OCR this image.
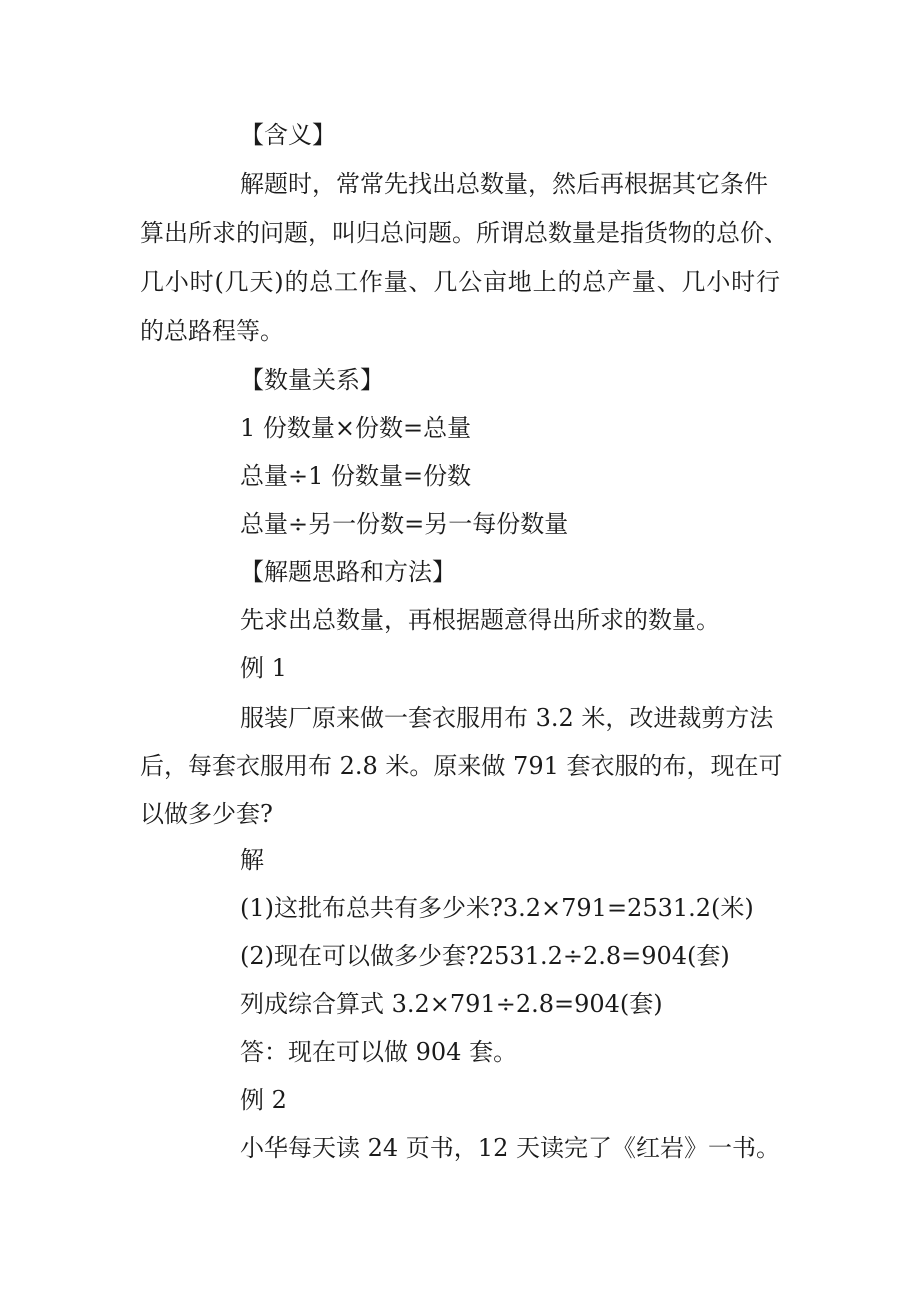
【含义】
解题时，常常先找出总数量，然后再根据其它条件
算出所求的问题，叫归总问题。所谓总数量是指货物的总价、
几小时(几天)的总工作量、几公亩地上的总产量、几小时行
的总路程等。
【数量关系】
1 份数量×份数=总量
总量÷1 份数量=份数
总量÷另一份数=另一每份数量
【解题思路和方法】
先求出总数量，再根据题意得出所求的数量。
例 1
服装厂原来做一套衣服用布 3.2 米，改进裁剪方法
后，每套衣服用布 2.8 米。原来做 791 套衣服的布，现在可
以做多少套?
解
(1)这批布总共有多少米?3.2×791=2531.2(米)
(2)现在可以做多少套?2531.2÷2.8=904(套)
列成综合算式 3.2×791÷2.8=904(套)
答：现在可以做 904 套。
例 2
小华每天读 24 页书，12 天读完了《红岩》一书。
